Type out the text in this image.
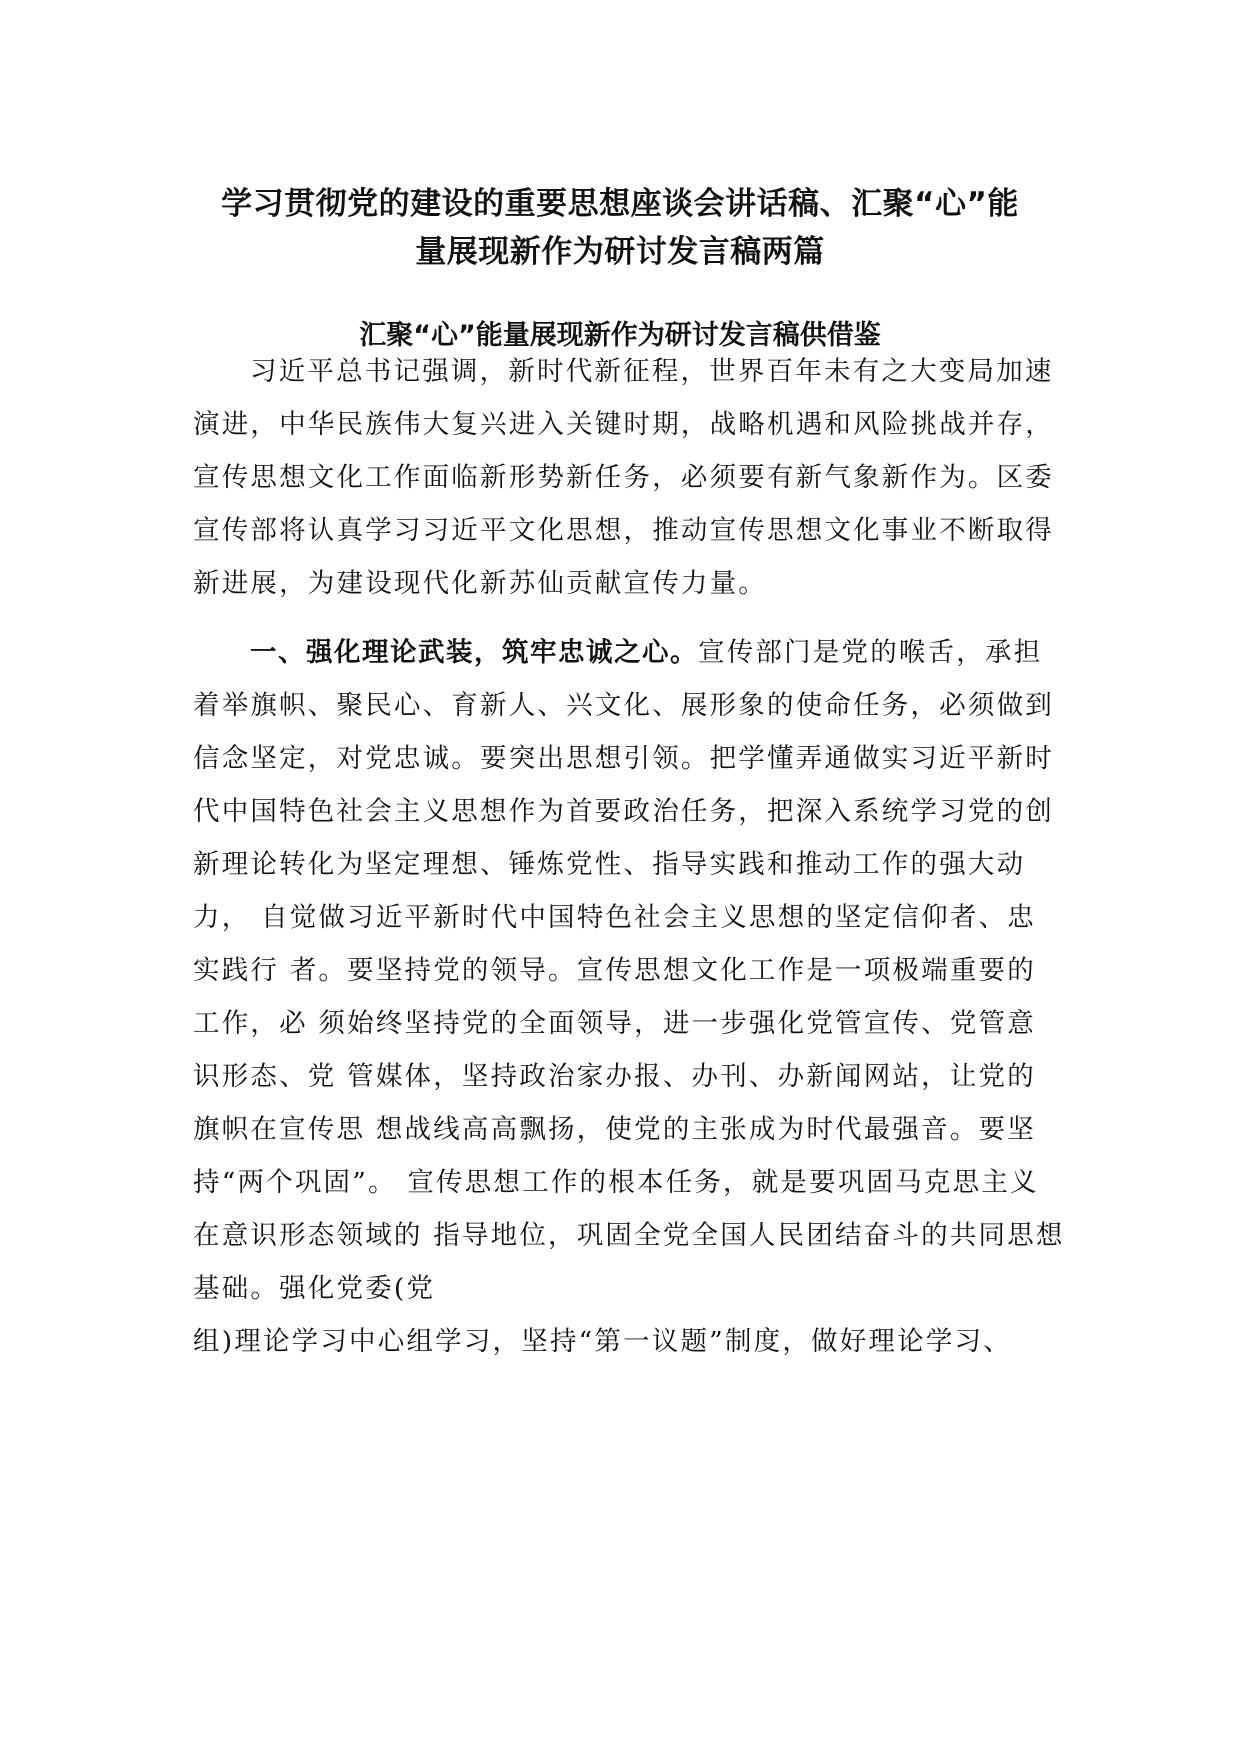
学习贯彻党的建设的重要思想座谈会讲话稿、汇聚“心”能
量展现新作为研讨发言稿两篇
汇聚“心”能量展现新作为研讨发言稿供借鉴

习近平总书记强调，新时代新征程，世界百年未有之大变局加速

演进，中华民族伟大复兴进入关键时期，战略机遇和风险挑战并存，

宣传思想文化工作面临新形势新任务，必须要有新气象新作为。区委

宣传部将认真学习习近平文化思想，推动宣传思想文化事业不断取得

新进展，为建设现代化新苏仙贡献宣传力量。

一、强化理论武装，筑牢忠诚之心。宣传部门是党的喉舌，承担

着举旗帜、聚民心、育新人、兴文化、展形象的使命任务，必须做到

信念坚定，对党忠诚。要突出思想引领。把学懂弄通做实习近平新时

代中国特色社会主义思想作为首要政治任务，把深入系统学习党的创

新理论转化为坚定理想、锤炼党性、指导实践和推动工作的强大动

力， 自觉做习近平新时代中国特色社会主义思想的坚定信仰者、忠

实践行 者。要坚持党的领导。宣传思想文化工作是一项极端重要的

工作，必 须始终坚持党的全面领导，进一步强化党管宣传、党管意

识形态、党 管媒体，坚持政治家办报、办刊、办新闻网站，让党的

旗帜在宣传思 想战线高高飘扬，使党的主张成为时代最强音。要坚

持“两个巩固”。 宣传思想工作的根本任务，就是要巩固马克思主义

在意识形态领域的 指导地位，巩固全党全国人民团结奋斗的共同思想

基础。强化党委(党

组)理论学习中心组学习，坚持“第一议题”制度，做好理论学习、
